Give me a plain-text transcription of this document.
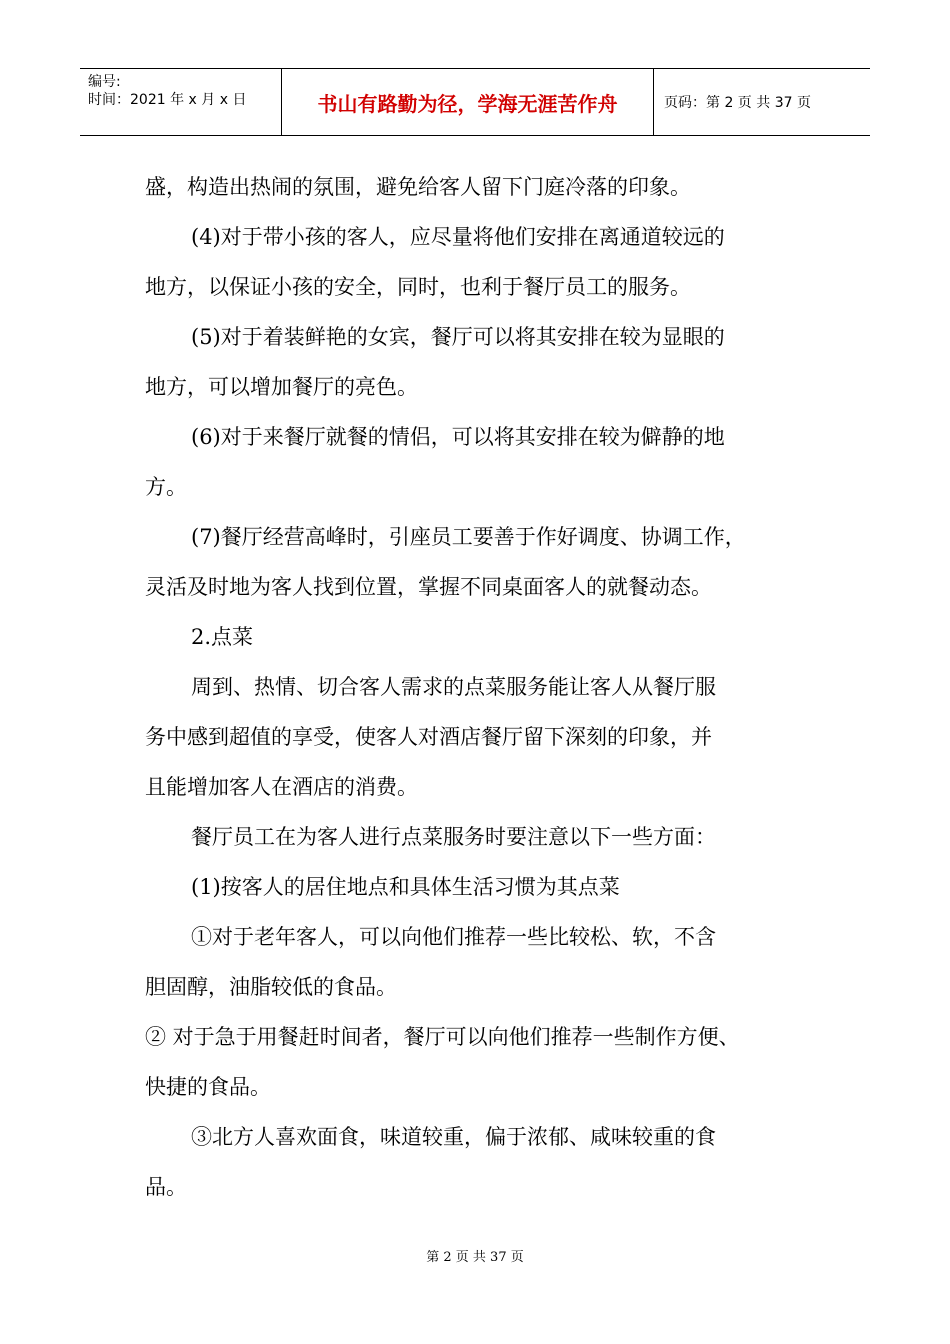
编号:
时间：2021 年 x 月 x 日	书山有路勤为径，学海无涯苦作舟	页码：第 2 页 共 37 页

盛，构造出热闹的氛围，避免给客人留下门庭冷落的印象。

(4)对于带小孩的客人，应尽量将他们安排在离通道较远的

地方，以保证小孩的安全，同时，也利于餐厅员工的服务。

(5)对于着装鲜艳的女宾，餐厅可以将其安排在较为显眼的

地方，可以增加餐厅的亮色。

(6)对于来餐厅就餐的情侣，可以将其安排在较为僻静的地

方。

(7)餐厅经营高峰时，引座员工要善于作好调度、协调工作，

灵活及时地为客人找到位置，掌握不同桌面客人的就餐动态。

2.点菜

周到、热情、切合客人需求的点菜服务能让客人从餐厅服

务中感到超值的享受，使客人对酒店餐厅留下深刻的印象，并

且能增加客人在酒店的消费。

餐厅员工在为客人进行点菜服务时要注意以下一些方面：

(1)按客人的居住地点和具体生活习惯为其点菜

①对于老年客人，可以向他们推荐一些比较松、软，不含

胆固醇，油脂较低的食品。

② 对于急于用餐赶时间者，餐厅可以向他们推荐一些制作方便、

快捷的食品。

③北方人喜欢面食，味道较重，偏于浓郁、咸味较重的食

品。

第 2 页 共 37 页
